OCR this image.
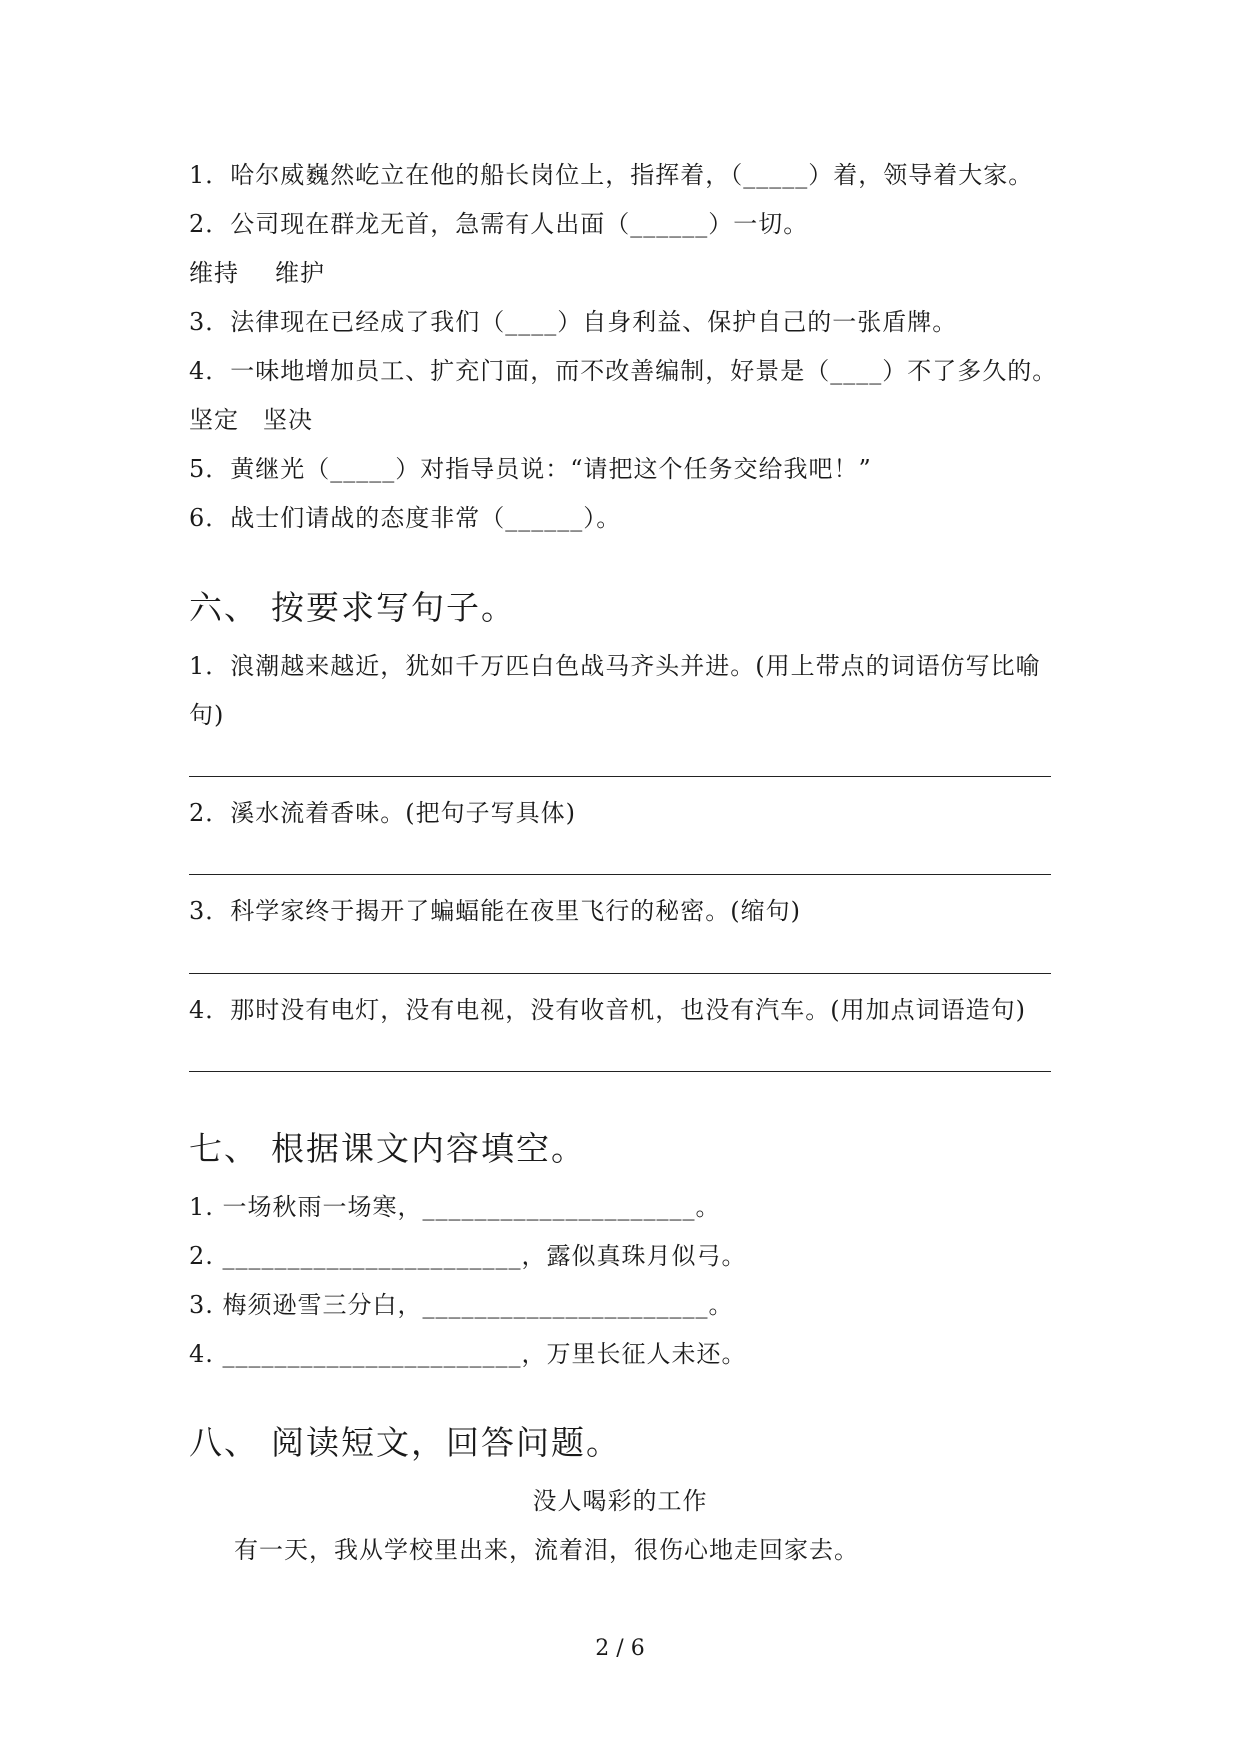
1．哈尔威巍然屹立在他的船长岗位上，指挥着，（_____）着，领导着大家。
2．公司现在群龙无首，急需有人出面（______）一切。
维持 维护
3．法律现在已经成了我们（____）自身利益、保护自己的一张盾牌。
4．一味地增加员工、扩充门面，而不改善编制，好景是（____）不了多久的。
坚定 坚决
5．黄继光（_____）对指导员说：“请把这个任务交给我吧！”
6．战士们请战的态度非常（______）。
六、 按要求写句子。
1．浪潮越来越近，犹如千万匹白色战马齐头并进。(用上带点的词语仿写比喻
句)
2．溪水流着香味。(把句子写具体)
3．科学家终于揭开了蝙蝠能在夜里飞行的秘密。(缩句)
4．那时没有电灯，没有电视，没有收音机，也没有汽车。(用加点词语造句)
七、 根据课文内容填空。
1. 一场秋雨一场寒，_____________________。
2. _______________________，露似真珠月似弓。
3. 梅须逊雪三分白，______________________。
4. _______________________，万里长征人未还。
八、 阅读短文，回答问题。
没人喝彩的工作
有一天，我从学校里出来，流着泪，很伤心地走回家去。
2 / 6
